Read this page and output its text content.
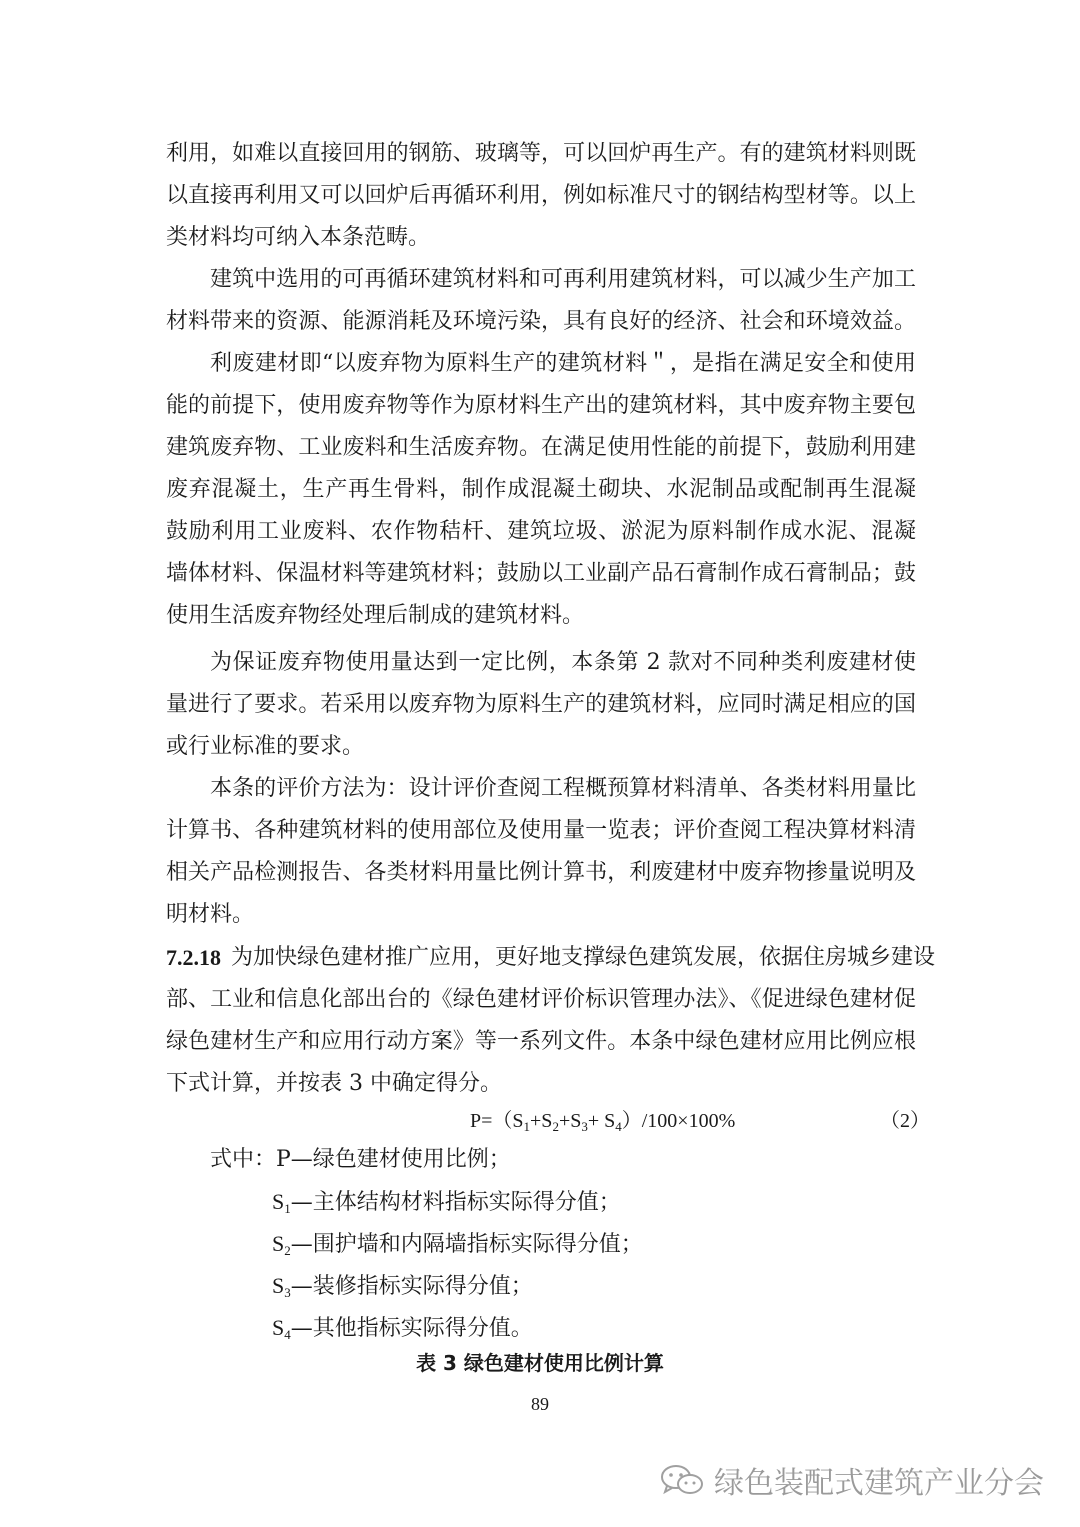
利用，如难以直接回用的钢筋、玻璃等，可以回炉再生产。有的建筑材料则既
以直接再利用又可以回炉后再循环利用，例如标准尺寸的钢结构型材等。以上
类材料均可纳入本条范畴。
建筑中选用的可再循环建筑材料和可再利用建筑材料，可以减少生产加工
材料带来的资源、能源消耗及环境污染，具有良好的经济、社会和环境效益。
利废建材即“以废弃物为原料生产的建筑材料＂，是指在满足安全和使用
能的前提下，使用废弃物等作为原材料生产出的建筑材料，其中废弃物主要包
建筑废弃物、工业废料和生活废弃物。在满足使用性能的前提下，鼓励利用建
废弃混凝土，生产再生骨料，制作成混凝土砌块、水泥制品或配制再生混凝
鼓励利用工业废料、农作物秸杆、建筑垃圾、淤泥为原料制作成水泥、混凝
墙体材料、保温材料等建筑材料；鼓励以工业副产品石膏制作成石膏制品；鼓
使用生活废弃物经处理后制成的建筑材料。
为保证废弃物使用量达到一定比例，本条第 2 款对不同种类利废建材使
量进行了要求。若采用以废弃物为原料生产的建筑材料，应同时满足相应的国
或行业标准的要求。
本条的评价方法为：设计评价查阅工程概预算材料清单、各类材料用量比
计算书、各种建筑材料的使用部位及使用量一览表；评价查阅工程决算材料清
相关产品检测报告、各类材料用量比例计算书，利废建材中废弃物掺量说明及
明材料。
7.2.18 为加快绿色建材推广应用，更好地支撑绿色建筑发展，依据住房城乡建设
部、工业和信息化部出台的《绿色建材评价标识管理办法》、《促进绿色建材促
绿色建材生产和应用行动方案》等一系列文件。本条中绿色建材应用比例应根
下式计算，并按表 3 中确定得分。
$P=(S_1+S_2+S_3+ S_4)/100\times 100\%$	（2）
式中：P—绿色建材使用比例；
$S_1—$主体结构材料指标实际得分值；
$S_2—$围护墙和内隔墙指标实际得分值；
$S_3—$装修指标实际得分值；
$S_4—$其他指标实际得分值。
表 3 绿色建材使用比例计算
89
绿色装配式建筑产业分会
